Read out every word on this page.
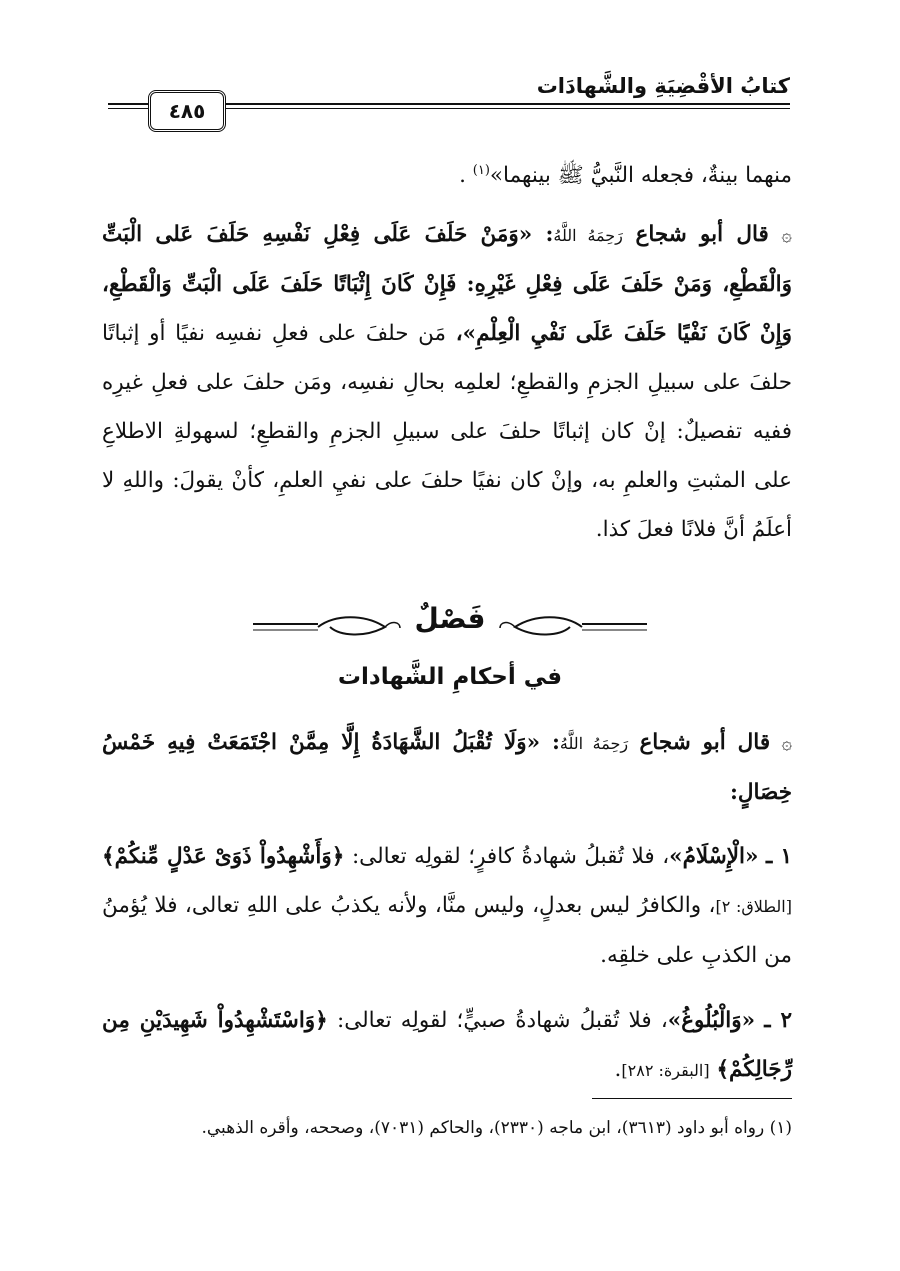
كتابُ الأقْضِيَةِ والشَّهادَات
٤٨٥
منهما بينةٌ، فجعله النَّبيُّ ﷺ بينهما»$^{(١)}$ .
۞ قال أبو شجاع رَحِمَهُ اللَّهُ: «وَمَنْ حَلَفَ عَلَى فِعْلِ نَفْسِهِ حَلَفَ عَلى الْبَتِّ وَالْقَطْعِ، وَمَنْ حَلَفَ عَلَى فِعْلِ غَيْرِهِ: فَإِنْ كَانَ إِثْبَاتًا حَلَفَ عَلَى الْبَتِّ وَالْقَطْعِ، وَإِنْ كَانَ نَفْيًا حَلَفَ عَلَى نَفْيِ الْعِلْمِ»، مَن حلفَ على فعلِ نفسِه نفيًا أو إثباتًا حلفَ على سبيلِ الجزمِ والقطعِ؛ لعلمِه بحالِ نفسِه، ومَن حلفَ على فعلِ غيرِه ففيه تفصيلٌ: إنْ كان إثباتًا حلفَ على سبيلِ الجزمِ والقطعِ؛ لسهولةِ الاطلاعِ على المثبتِ والعلمِ به، وإنْ كان نفيًا حلفَ على نفيِ العلمِ، كأنْ يقولَ: واللهِ لا أعلَمُ أنَّ فلانًا فعلَ كذا.
فَصْلٌ
في أحكامِ الشَّهادات
۞ قال أبو شجاع رَحِمَهُ اللَّهُ: «وَلَا تُقْبَلُ الشَّهَادَةُ إِلَّا مِمَّنْ اجْتَمَعَتْ فِيهِ خَمْسُ خِصَالٍ:
١ ـ «الْإِسْلَامُ»، فلا تُقبلُ شهادةُ كافرٍ؛ لقولِه تعالى: ﴿وَأَشْهِدُواْ ذَوَىْ عَدْلٍ مِّنكُمْ﴾ [الطلاق: ٢]، والكافرُ ليس بعدلٍ، وليس منَّا، ولأنه يكذبُ على اللهِ تعالى، فلا يُؤمنُ من الكذبِ على خلقِه.
٢ ـ «وَالْبُلُوغُ»، فلا تُقبلُ شهادةُ صبيٍّ؛ لقولِه تعالى: ﴿وَاسْتَشْهِدُواْ شَهِيدَيْنِ مِن رِّجَالِكُمْ﴾ [البقرة: ٢٨٢].
(١) رواه أبو داود (٣٦١٣)، ابن ماجه (٢٣٣٠)، والحاكم (٧٠٣١)، وصححه، وأقره الذهبي.
